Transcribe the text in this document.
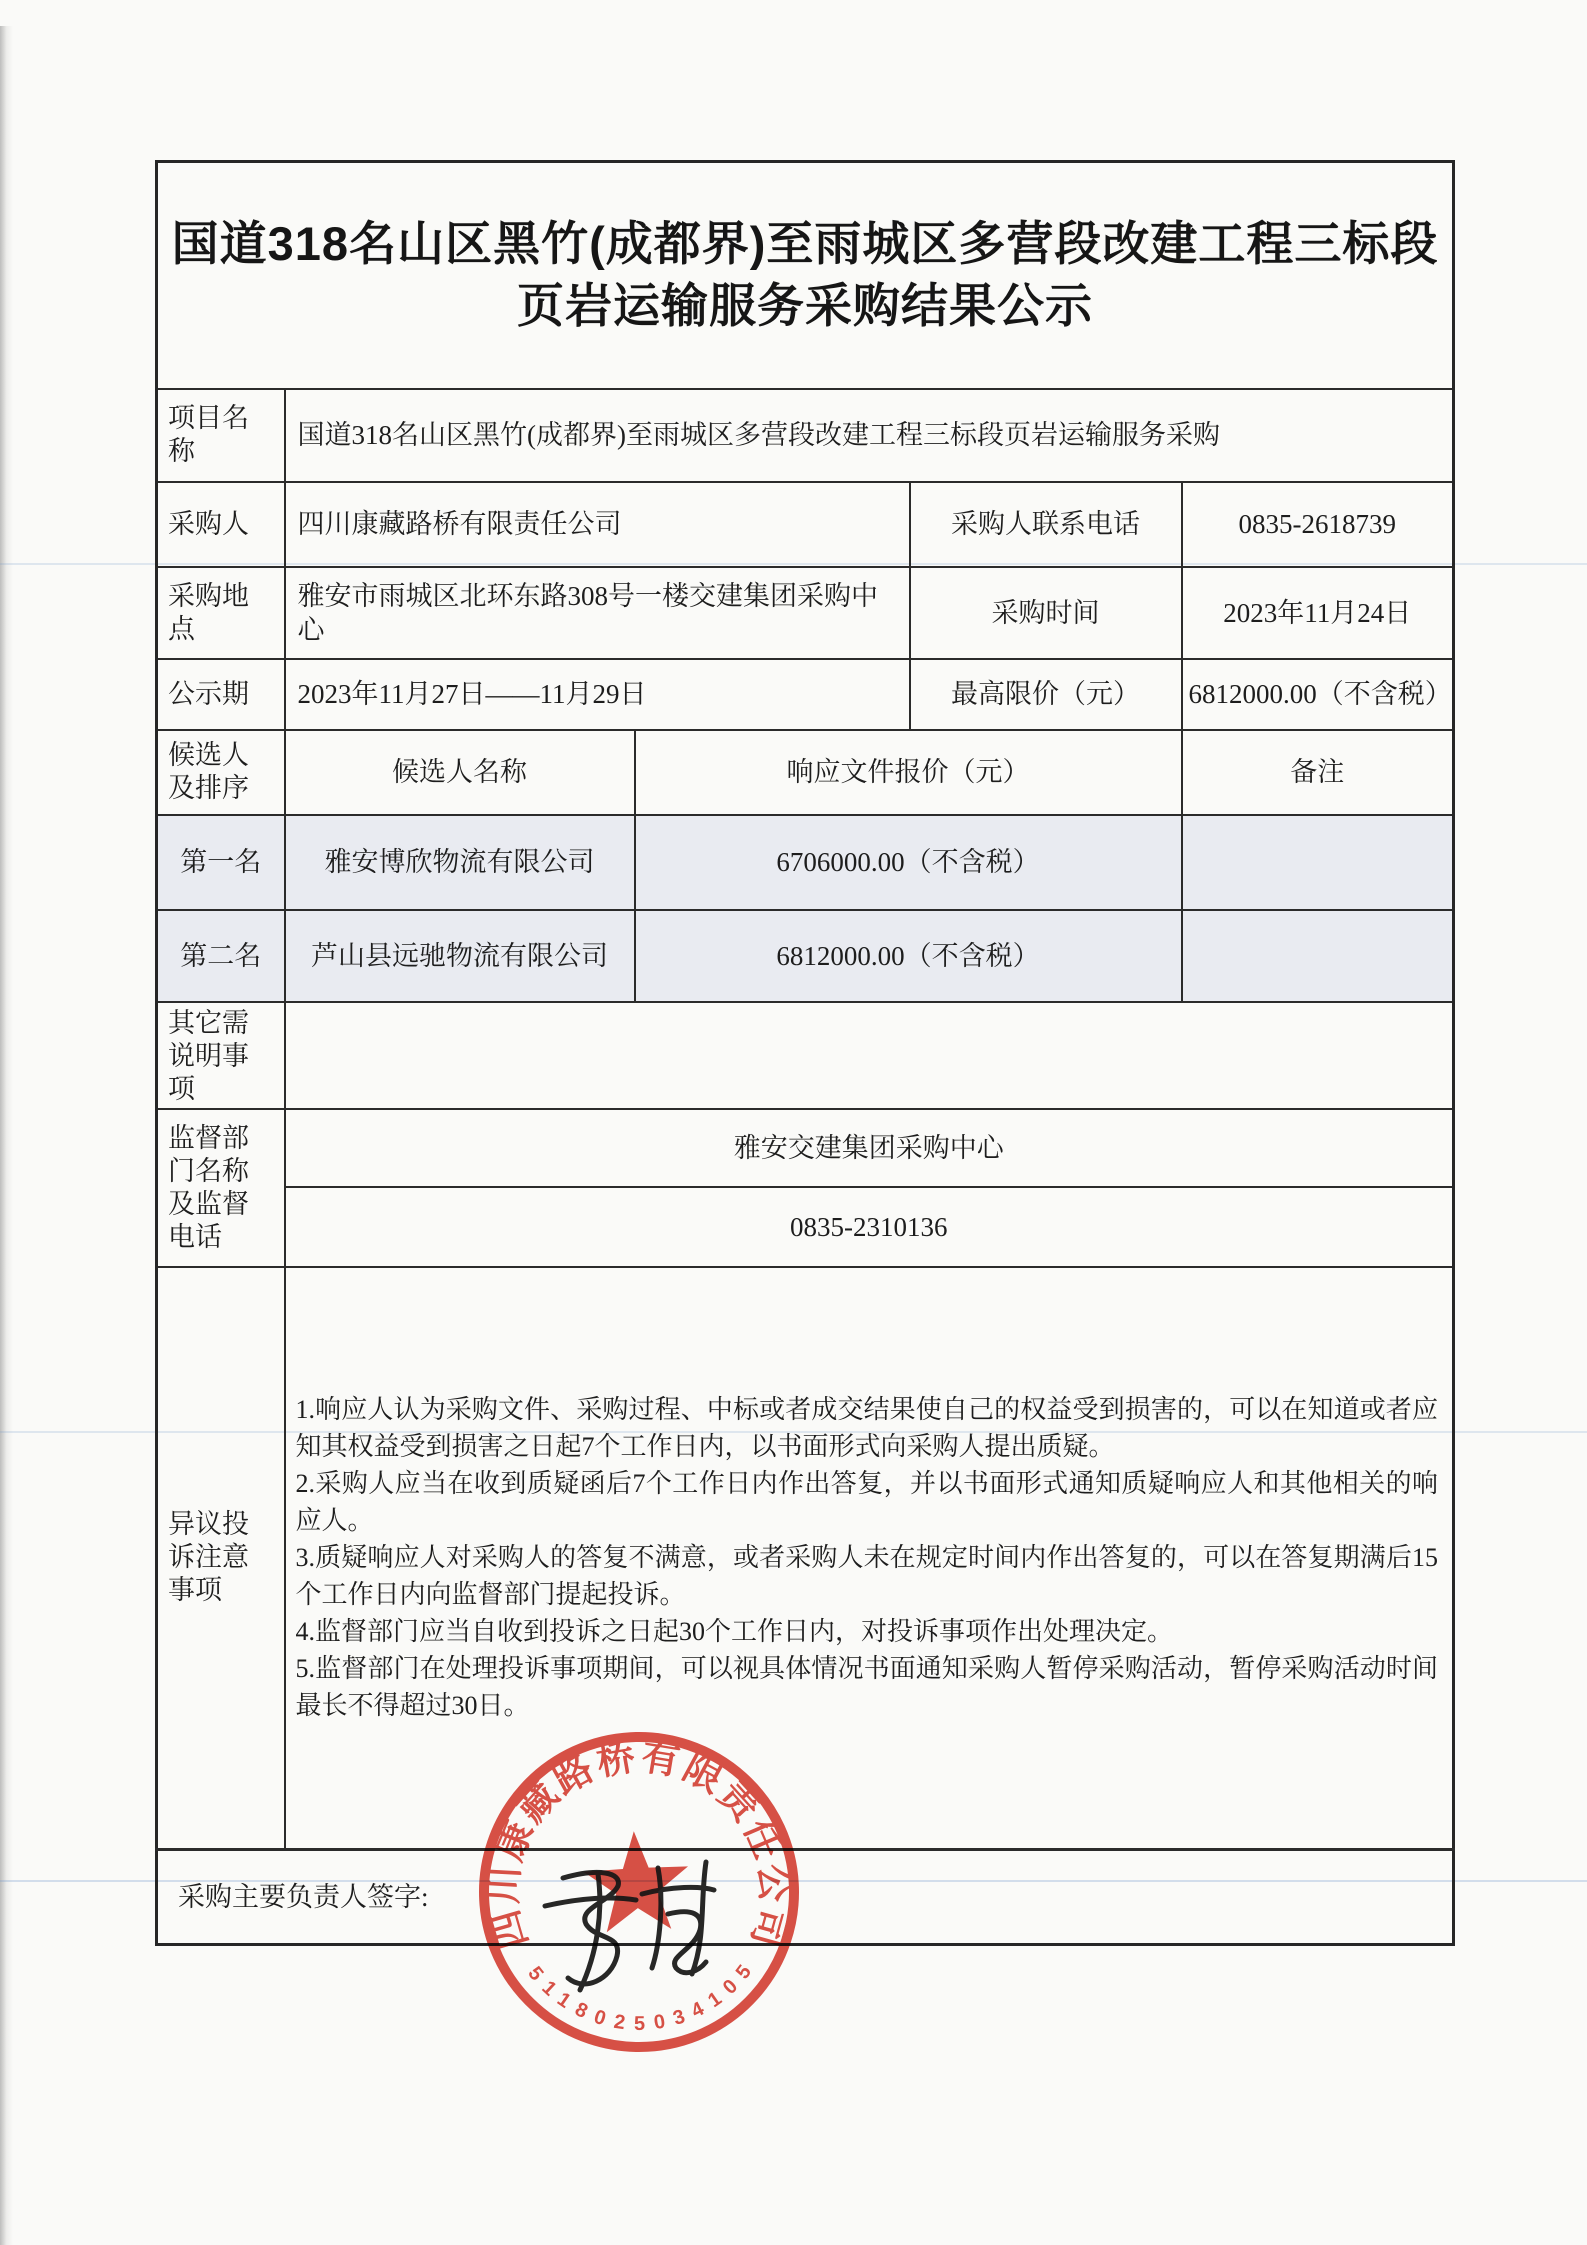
国道318名山区黑竹(成都界)至雨城区多营段改建工程三标段
页岩运输服务采购结果公示				

项目名称	国道318名山区黑竹(成都界)至雨城区多营段改建工程三标段页岩运输服务采购			
采购人	四川康藏路桥有限责任公司		采购人联系电话	0835-2618739
采购地点	雅安市雨城区北环东路308号一楼交建集团采购中心		采购时间	2023年11月24日
公示期	2023年11月27日——11月29日		最高限价（元）	6812000.00（不含税）
候选人及排序	候选人名称	响应文件报价（元）		备注
第一名	雅安博欣物流有限公司	6706000.00（不含税）		
第二名	芦山县远驰物流有限公司	6812000.00（不含税）		
其它需说明事项				
监督部门名称及监督电话	雅安交建集团采购中心			
	0835-2310136			
异议投诉注意事项	1.响应人认为采购文件、采购过程、中标或者成交结果使自己的权益受到损害的，可以在知道或者应知其权益受到损害之日起7个工作日内，以书面形式向采购人提出质疑。

2.采购人应当在收到质疑函后7个工作日内作出答复，并以书面形式通知质疑响应人和其他相关的响应人。

3.质疑响应人对采购人的答复不满意，或者采购人未在规定时间内作出答复的，可以在答复期满后15个工作日内向监督部门提起投诉。

4.监督部门应当自收到投诉之日起30个工作日内，对投诉事项作出处理决定。

5.监督部门在处理投诉事项期间，可以视具体情况书面通知采购人暂停采购活动，暂停采购活动时间最长不得超过30日。			

采购主要负责人签字:				
四川康藏路桥有限责任公司
5118025034105
